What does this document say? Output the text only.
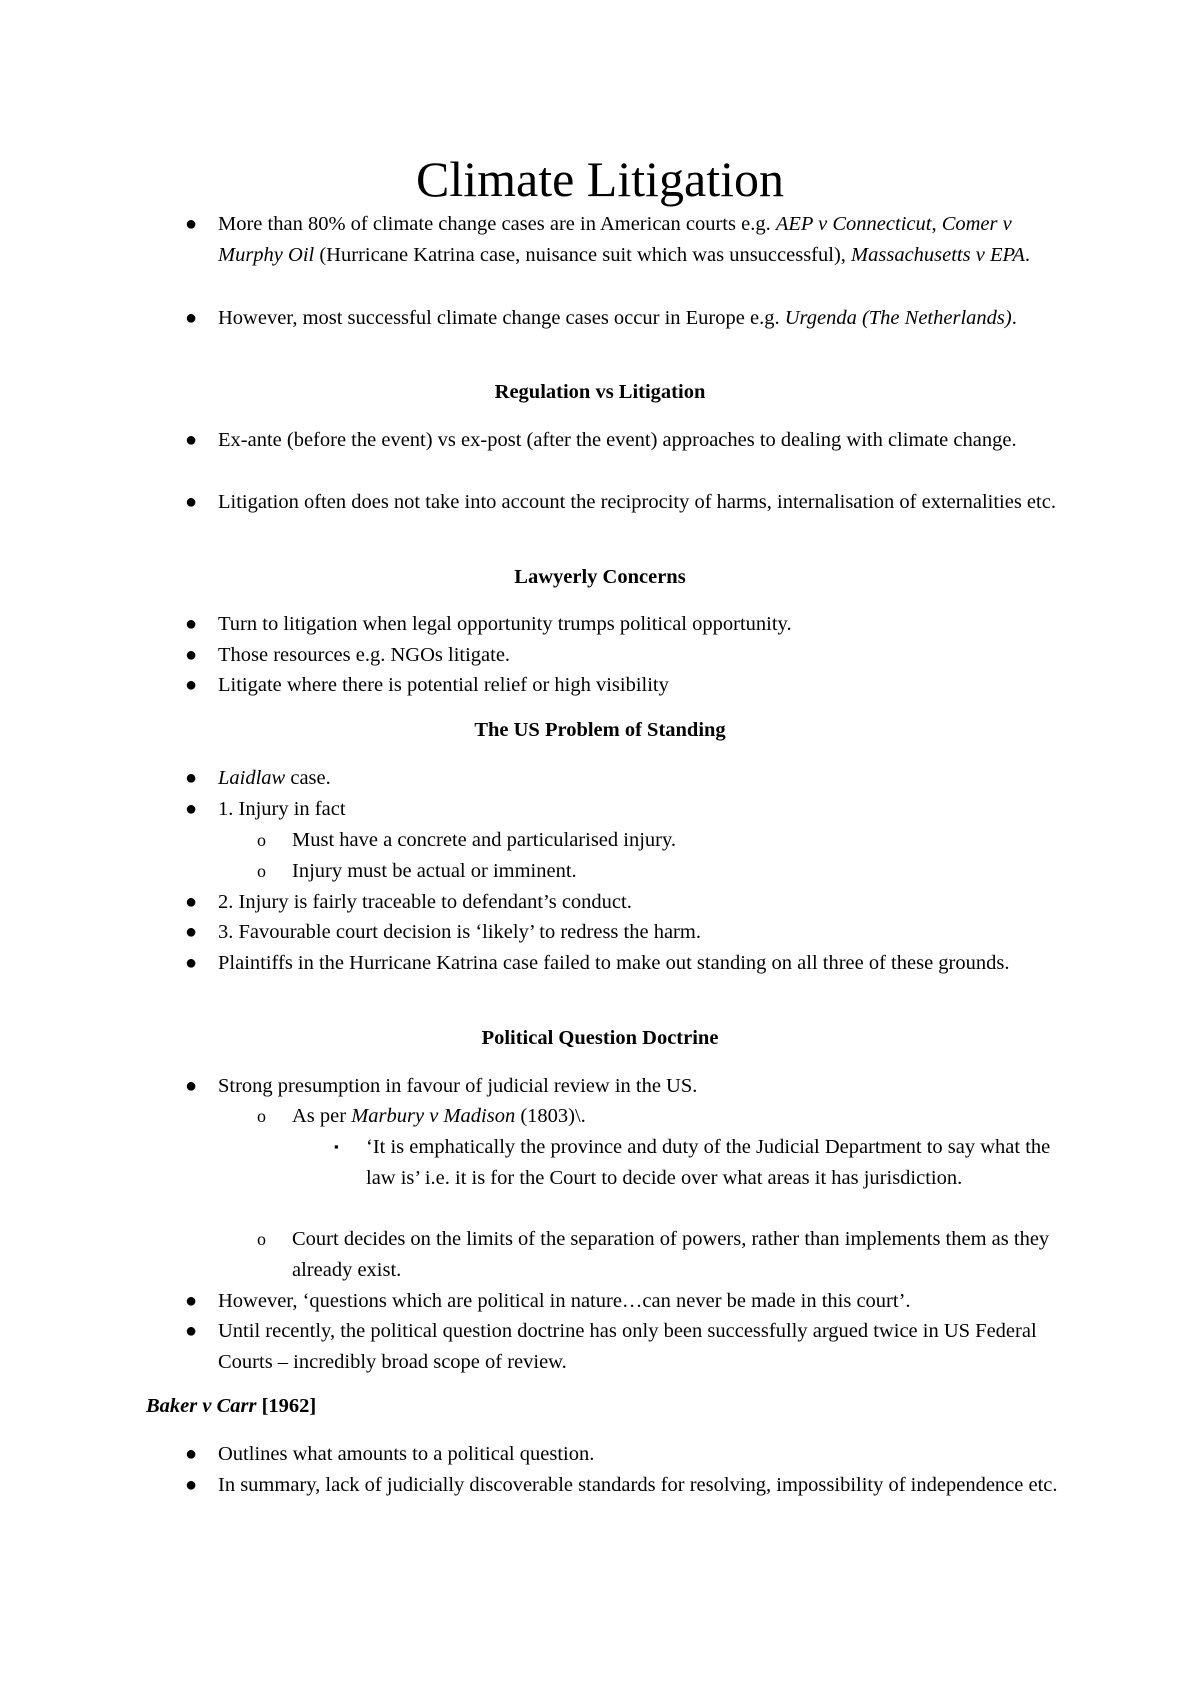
Climate Litigation

● More than 80% of climate change cases are in American courts e.g. AEP v Connecticut, Comer v Murphy Oil (Hurricane Katrina case, nuisance suit which was unsuccessful), Massachusetts v EPA.

● However, most successful climate change cases occur in Europe e.g. Urgenda (The Netherlands).

Regulation vs Litigation

● Ex-ante (before the event) vs ex-post (after the event) approaches to dealing with climate change.

● Litigation often does not take into account the reciprocity of harms, internalisation of externalities etc.

Lawyerly Concerns

● Turn to litigation when legal opportunity trumps political opportunity.

● Those resources e.g. NGOs litigate.

● Litigate where there is potential relief or high visibility

The US Problem of Standing

● Laidlaw case.

● 1. Injury in fact

o Must have a concrete and particularised injury.

o Injury must be actual or imminent.

● 2. Injury is fairly traceable to defendant’s conduct.

● 3. Favourable court decision is ‘likely’ to redress the harm.

● Plaintiffs in the Hurricane Katrina case failed to make out standing on all three of these grounds.

Political Question Doctrine

● Strong presumption in favour of judicial review in the US.

o As per Marbury v Madison (1803)\.

▪ ‘It is emphatically the province and duty of the Judicial Department to say what the law is’ i.e. it is for the Court to decide over what areas it has jurisdiction.

o Court decides on the limits of the separation of powers, rather than implements them as they already exist.

● However, ‘questions which are political in nature…can never be made in this court’.

● Until recently, the political question doctrine has only been successfully argued twice in US Federal Courts – incredibly broad scope of review.

Baker v Carr [1962]

● Outlines what amounts to a political question.

● In summary, lack of judicially discoverable standards for resolving, impossibility of independence etc.
